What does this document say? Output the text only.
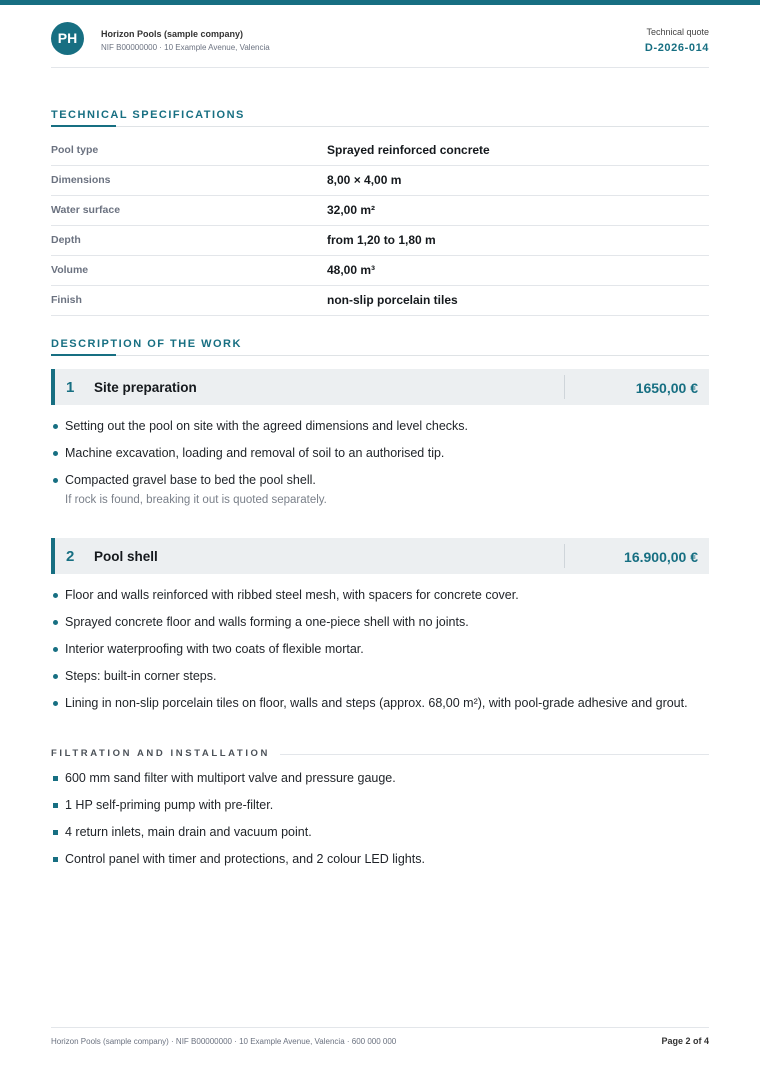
PH	Horizon Pools (sample company)
NIF B00000000 · 10 Example Avenue, Valencia
Technical quote
D-2026-014
TECHNICAL SPECIFICATIONS
Pool type	Sprayed reinforced concrete
Dimensions	8,00 × 4,00 m
Water surface	32,00 m²
Depth	from 1,20 to 1,80 m
Volume	48,00 m³
Finish	non-slip porcelain tiles
DESCRIPTION OF THE WORK
1 Site preparation	1650,00 €
Setting out the pool on site with the agreed dimensions and level checks.
Machine excavation, loading and removal of soil to an authorised tip.
Compacted gravel base to bed the pool shell.
If rock is found, breaking it out is quoted separately.
2 Pool shell	16.900,00 €
Floor and walls reinforced with ribbed steel mesh, with spacers for concrete cover.
Sprayed concrete floor and walls forming a one-piece shell with no joints.
Interior waterproofing with two coats of flexible mortar.
Steps: built-in corner steps.
Lining in non-slip porcelain tiles on floor, walls and steps (approx. 68,00 m²), with pool-grade adhesive and grout.
FILTRATION AND INSTALLATION
600 mm sand filter with multiport valve and pressure gauge.
1 HP self-priming pump with pre-filter.
4 return inlets, main drain and vacuum point.
Control panel with timer and protections, and 2 colour LED lights.
Horizon Pools (sample company) · NIF B00000000 · 10 Example Avenue, Valencia · 600 000 000	Page 2 of 4
